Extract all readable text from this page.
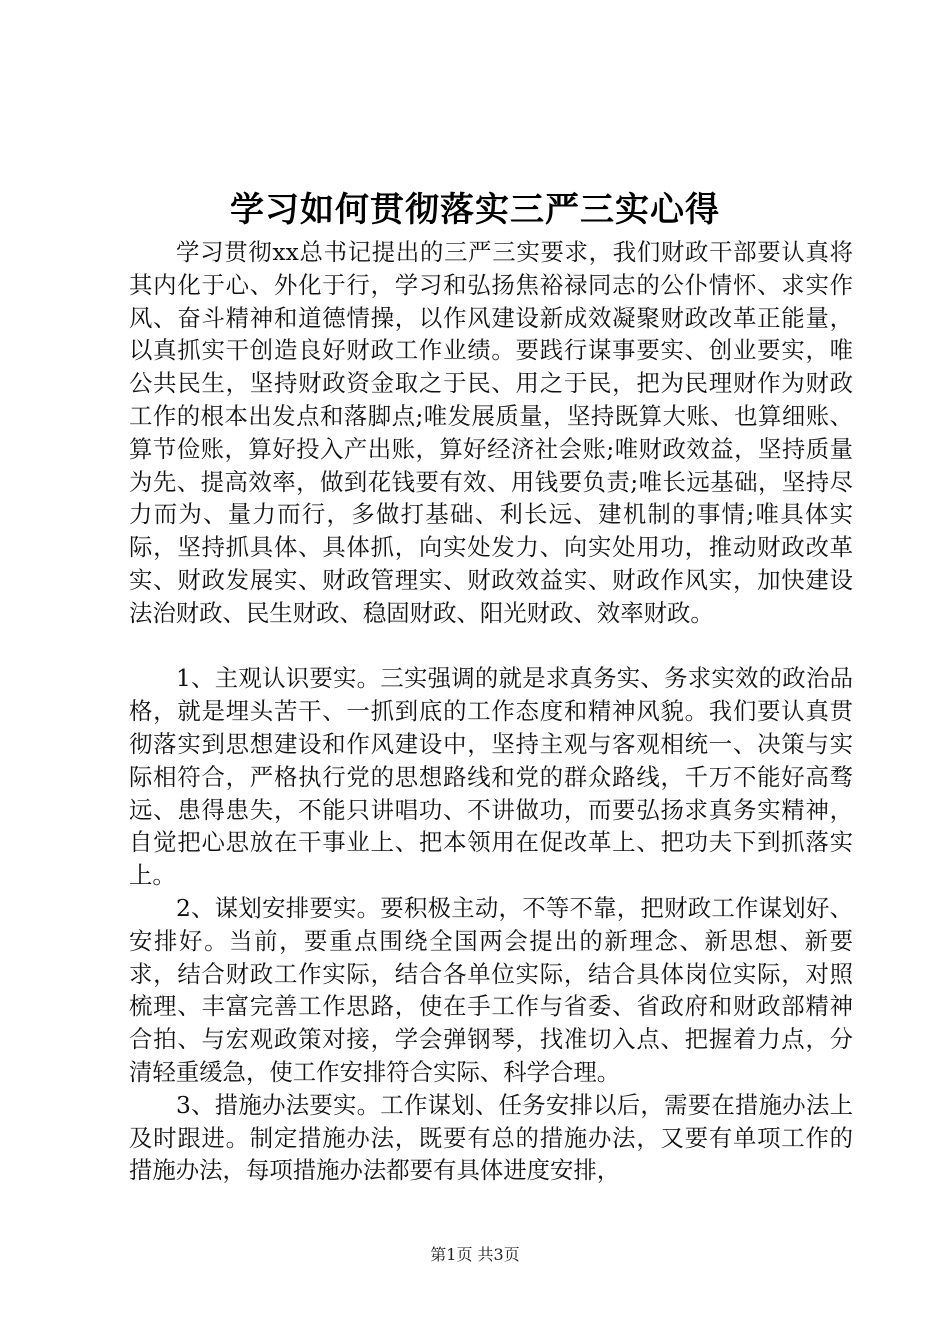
学习如何贯彻落实三严三实心得

学习贯彻xx总书记提出的三严三实要求，我们财政干部要认真将其内化于心、外化于行，学习和弘扬焦裕禄同志的公仆情怀、求实作风、奋斗精神和道德情操，以作风建设新成效凝聚财政改革正能量，以真抓实干创造良好财政工作业绩。要践行谋事要实、创业要实，唯公共民生，坚持财政资金取之于民、用之于民，把为民理财作为财政工作的根本出发点和落脚点;唯发展质量，坚持既算大账、也算细账、算节俭账，算好投入产出账，算好经济社会账;唯财政效益，坚持质量为先、提高效率，做到花钱要有效、用钱要负责;唯长远基础，坚持尽力而为、量力而行，多做打基础、利长远、建机制的事情;唯具体实际，坚持抓具体、具体抓，向实处发力、向实处用功，推动财政改革实、财政发展实、财政管理实、财政效益实、财政作风实，加快建设法治财政、民生财政、稳固财政、阳光财政、效率财政。

1、主观认识要实。三实强调的就是求真务实、务求实效的政治品格，就是埋头苦干、一抓到底的工作态度和精神风貌。我们要认真贯彻落实到思想建设和作风建设中，坚持主观与客观相统一、决策与实际相符合，严格执行党的思想路线和党的群众路线，千万不能好高骛远、患得患失，不能只讲唱功、不讲做功，而要弘扬求真务实精神，自觉把心思放在干事业上、把本领用在促改革上、把功夫下到抓落实上。

2、谋划安排要实。要积极主动，不等不靠，把财政工作谋划好、安排好。当前，要重点围绕全国两会提出的新理念、新思想、新要求，结合财政工作实际，结合各单位实际，结合具体岗位实际，对照梳理、丰富完善工作思路，使在手工作与省委、省政府和财政部精神合拍、与宏观政策对接，学会弹钢琴，找准切入点、把握着力点，分清轻重缓急，使工作安排符合实际、科学合理。

3、措施办法要实。工作谋划、任务安排以后，需要在措施办法上及时跟进。制定措施办法，既要有总的措施办法，又要有单项工作的措施办法，每项措施办法都要有具体进度安排，

第1页 共3页
